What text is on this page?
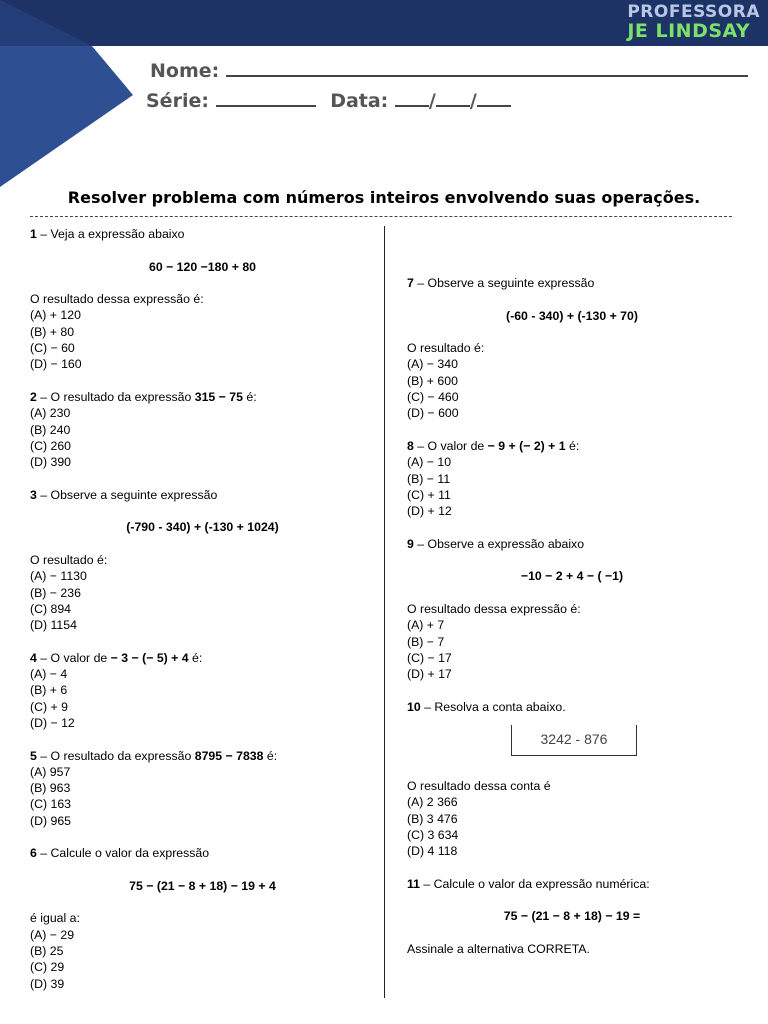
PROFESSORA
JE LINDSAY
Nome:
Série:	Data: / /
Resolver problema com números inteiros envolvendo suas operações.

1 – Veja a expressão abaixo

60 − 120 −180 + 80

O resultado dessa expressão é:

(A) + 120

(B) + 80

(C) − 60

(D) − 160

2 – O resultado da expressão 315 − 75 é:

(A) 230

(B) 240

(C) 260

(D) 390

3 – Observe a seguinte expressão

(-790 - 340) + (-130 + 1024)

O resultado é:

(A) − 1130

(B) − 236

(C) 894

(D) 1154

4 – O valor de − 3 − (− 5) + 4 é:

(A) − 4

(B) + 6

(C) + 9

(D) − 12

5 – O resultado da expressão 8795 − 7838 é:

(A) 957

(B) 963

(C) 163

(D) 965

6 – Calcule o valor da expressão

75 − (21 − 8 + 18) − 19 + 4

é igual a:

(A) − 29

(B) 25

(C) 29

(D) 39

7 – Observe a seguinte expressão

(-60 - 340) + (-130 + 70)

O resultado é:

(A) − 340

(B) + 600

(C) − 460

(D) − 600

8 – O valor de − 9 + (− 2) + 1 é:

(A) − 10

(B) − 11

(C) + 11

(D) + 12

9 – Observe a expressão abaixo

−10 − 2 + 4 − ( −1)

O resultado dessa expressão é:

(A) + 7

(B) − 7

(C) − 17

(D) + 17

10 – Resolva a conta abaixo.

3242 - 876

O resultado dessa conta é

(A) 2 366

(B) 3 476

(C) 3 634

(D) 4 118

11 – Calcule o valor da expressão numérica:

75 − (21 − 8 + 18) − 19 =

Assinale a alternativa CORRETA.
